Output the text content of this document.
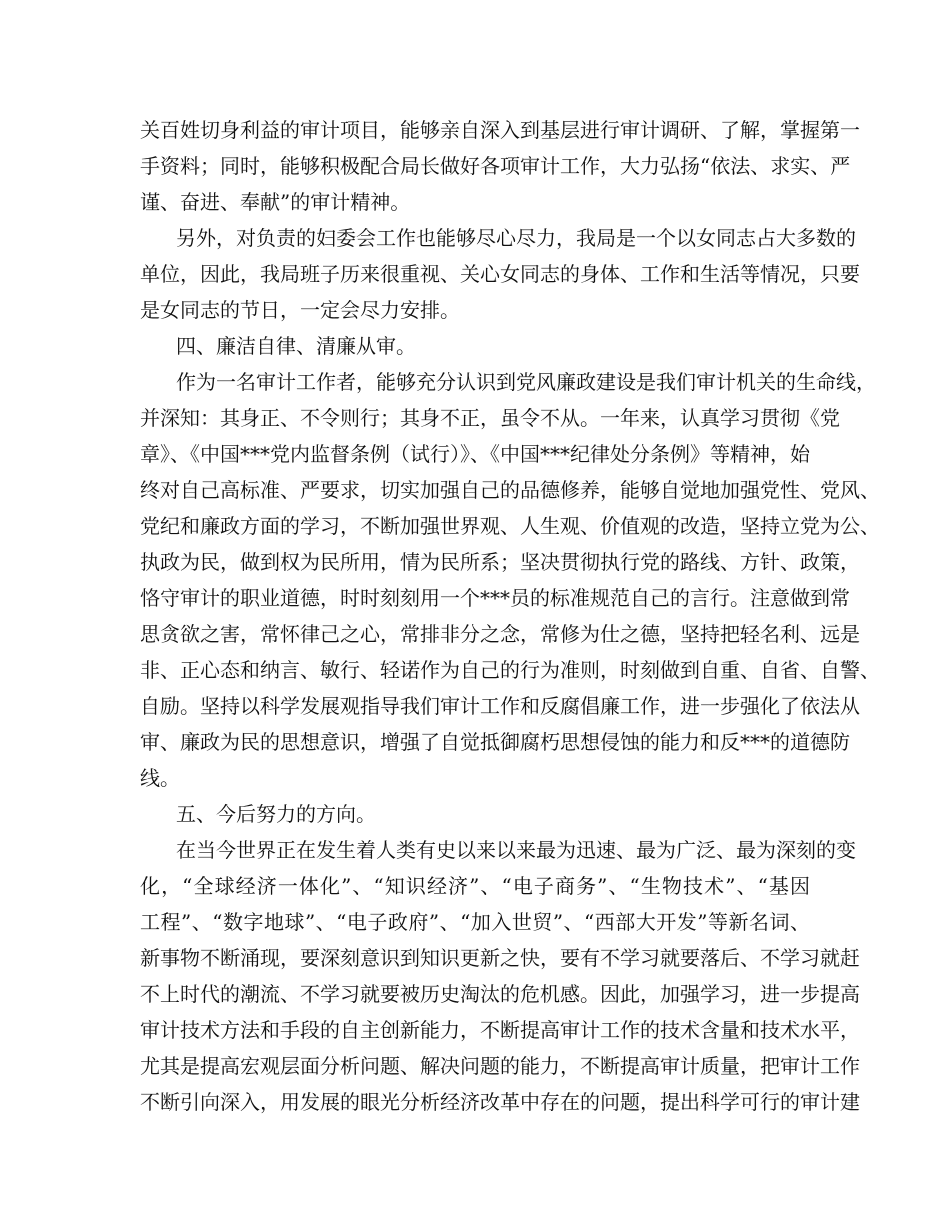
关百姓切身利益的审计项目，能够亲自深入到基层进行审计调研、了解，掌握第一
手资料；同时，能够积极配合局长做好各项审计工作，大力弘扬“依法、求实、严
谨、奋进、奉献”的审计精神。
另外，对负责的妇委会工作也能够尽心尽力，我局是一个以女同志占大多数的
单位，因此，我局班子历来很重视、关心女同志的身体、工作和生活等情况，只要
是女同志的节日，一定会尽力安排。
四、廉洁自律、清廉从审。
作为一名审计工作者，能够充分认识到党风廉政建设是我们审计机关的生命线，
并深知：其身正、不令则行；其身不正，虽令不从。一年来，认真学习贯彻《党
章》、《中国***党内监督条例（试行）》、《中国***纪律处分条例》等精神，始
终对自己高标准、严要求，切实加强自己的品德修养，能够自觉地加强党性、党风、
党纪和廉政方面的学习，不断加强世界观、人生观、价值观的改造，坚持立党为公、
执政为民，做到权为民所用，情为民所系；坚决贯彻执行党的路线、方针、政策，
恪守审计的职业道德，时时刻刻用一个***员的标准规范自己的言行。注意做到常
思贪欲之害，常怀律己之心，常排非分之念，常修为仕之德，坚持把轻名利、远是
非、正心态和纳言、敏行、轻诺作为自己的行为准则，时刻做到自重、自省、自警、
自励。坚持以科学发展观指导我们审计工作和反腐倡廉工作，进一步强化了依法从
审、廉政为民的思想意识，增强了自觉抵御腐朽思想侵蚀的能力和反***的道德防
线。
五、今后努力的方向。
在当今世界正在发生着人类有史以来以来最为迅速、最为广泛、最为深刻的变
化，“全球经济一体化”、“知识经济”、“电子商务”、“生物技术”、“基因
工程”、“数字地球”、“电子政府”、“加入世贸”、“西部大开发”等新名词、
新事物不断涌现，要深刻意识到知识更新之快，要有不学习就要落后、不学习就赶
不上时代的潮流、不学习就要被历史淘汰的危机感。因此，加强学习，进一步提高
审计技术方法和手段的自主创新能力，不断提高审计工作的技术含量和技术水平，
尤其是提高宏观层面分析问题、解决问题的能力，不断提高审计质量，把审计工作
不断引向深入，用发展的眼光分析经济改革中存在的问题，提出科学可行的审计建
